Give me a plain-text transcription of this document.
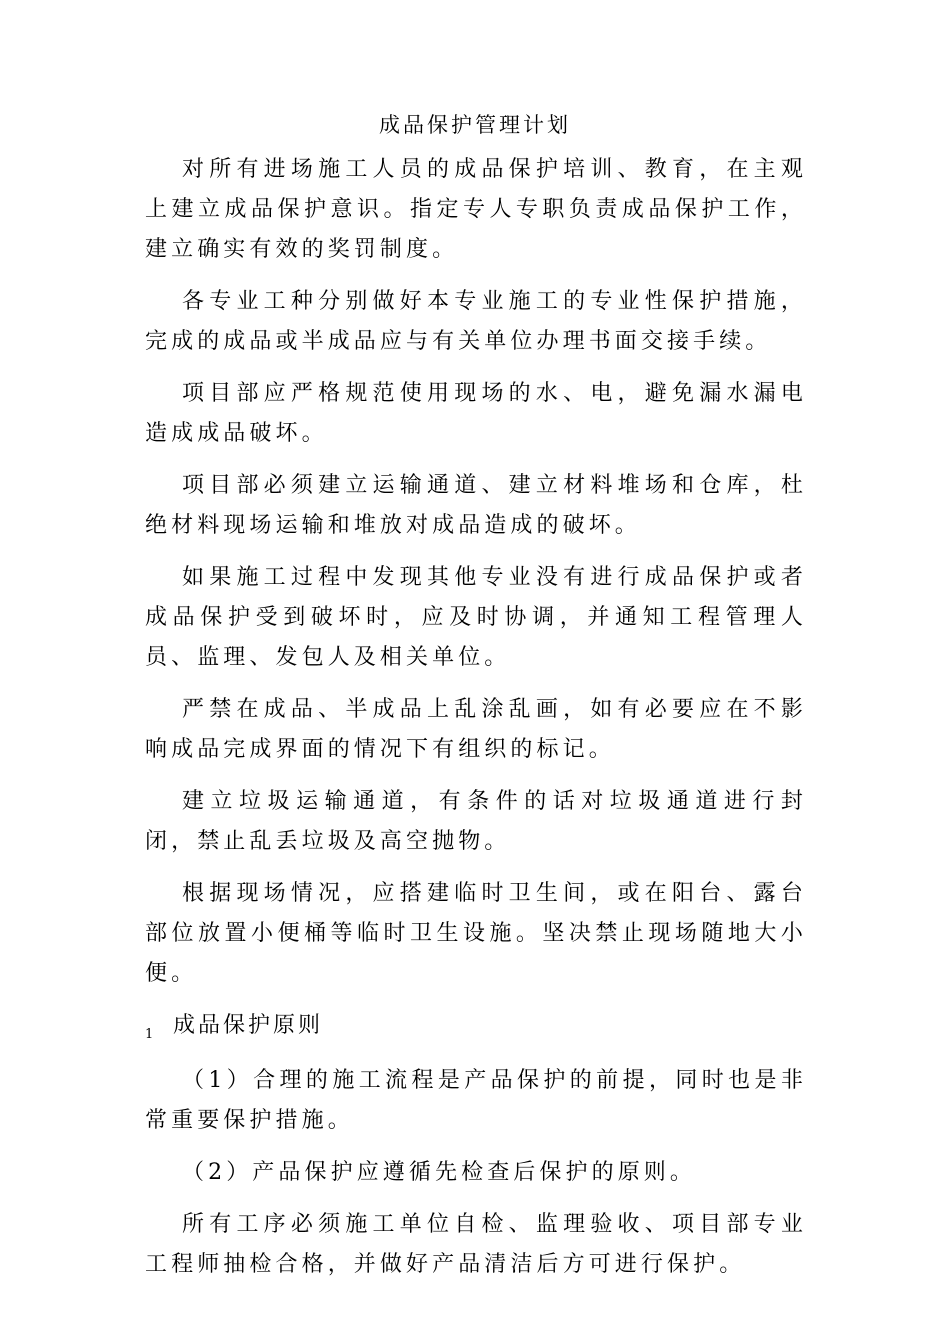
成品保护管理计划

对所有进场施工人员的成品保护培训、教育，在主观上建立成品保护意识。指定专人专职负责成品保护工作，建立确实有效的奖罚制度。

各专业工种分别做好本专业施工的专业性保护措施，完成的成品或半成品应与有关单位办理书面交接手续。

项目部应严格规范使用现场的水、电，避免漏水漏电造成成品破坏。

项目部必须建立运输通道、建立材料堆场和仓库，杜绝材料现场运输和堆放对成品造成的破坏。

如果施工过程中发现其他专业没有进行成品保护或者成品保护受到破坏时，应及时协调，并通知工程管理人员、监理、发包人及相关单位。

严禁在成品、半成品上乱涂乱画，如有必要应在不影响成品完成界面的情况下有组织的标记。

建立垃圾运输通道，有条件的话对垃圾通道进行封闭，禁止乱丢垃圾及高空抛物。

根据现场情况，应搭建临时卫生间，或在阳台、露台部位放置小便桶等临时卫生设施。坚决禁止现场随地大小便。

1 成品保护原则

（1）合理的施工流程是产品保护的前提，同时也是非常重要保护措施。

（2）产品保护应遵循先检查后保护的原则。

所有工序必须施工单位自检、监理验收、项目部专业工程师抽检合格，并做好产品清洁后方可进行保护。
